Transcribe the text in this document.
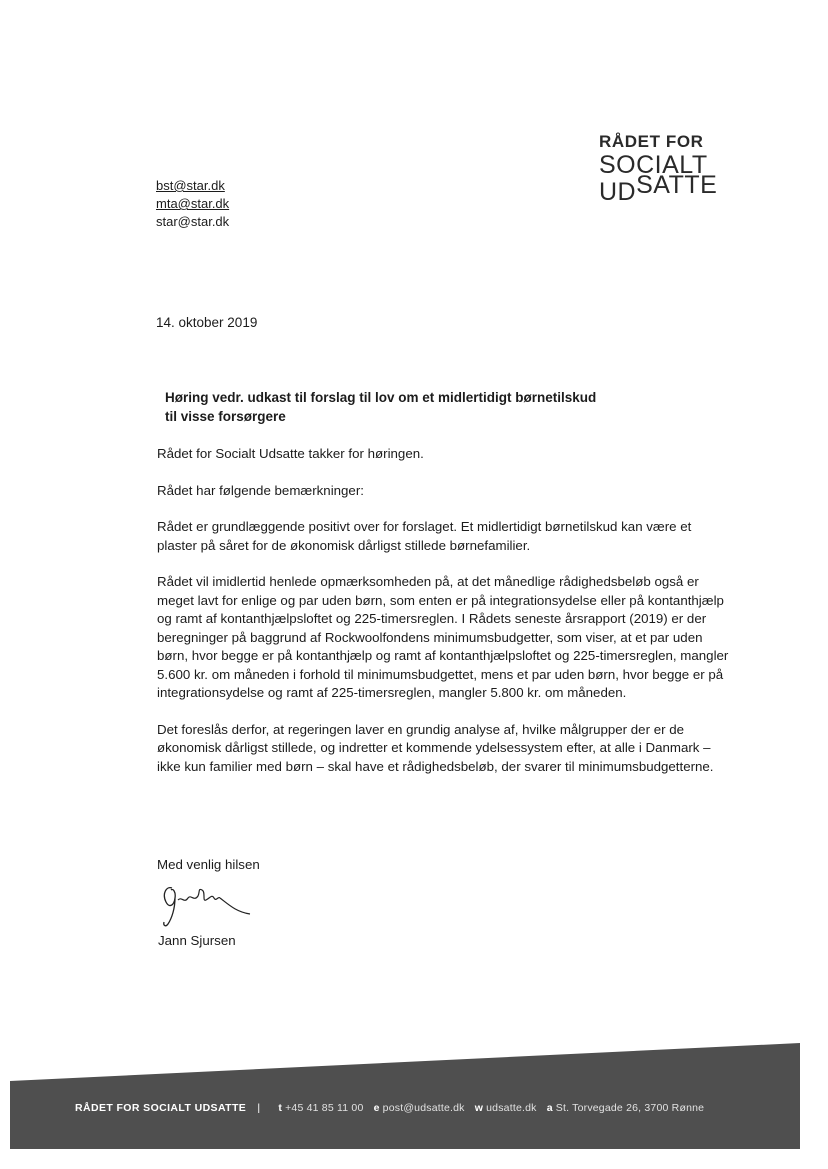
RÅDET FOR
SOCIALT
UDSATTE
bst@star.dk
mta@star.dk
star@star.dk
14. oktober 2019
Høring vedr. udkast til forslag til lov om et midlertidigt børnetilskud
til visse forsørgere

Rådet for Socialt Udsatte takker for høringen.

Rådet har følgende bemærkninger:

Rådet er grundlæggende positivt over for forslaget. Et midlertidigt børnetilskud kan være et plaster på såret for de økonomisk dårligst stillede børnefamilier.

Rådet vil imidlertid henlede opmærksomheden på, at det månedlige rådighedsbeløb også er meget lavt for enlige og par uden børn, som enten er på integrationsydelse eller på kontanthjælp og ramt af kontanthjælpsloftet og 225-timersreglen. I Rådets seneste årsrapport (2019) er der beregninger på baggrund af Rockwoolfondens minimumsbudgetter, som viser, at et par uden børn, hvor begge er på kontanthjælp og ramt af kontanthjælpsloftet og 225-timersreglen, mangler 5.600 kr. om måneden i forhold til minimumsbudgettet, mens et par uden børn, hvor begge er på integrationsydelse og ramt af 225-timersreglen, mangler 5.800 kr. om måneden.

Det foreslås derfor, at regeringen laver en grundig analyse af, hvilke målgrupper der er de økonomisk dårligst stillede, og indretter et kommende ydelsessystem efter, at alle i Danmark – ikke kun familier med børn – skal have et rådighedsbeløb, der svarer til minimumsbudgetterne.

Med venlig hilsen
Jann Sjursen
RÅDET FOR SOCIALT UDSATTE | t +45 41 85 11 00 e post@udsatte.dk w udsatte.dk a St. Torvegade 26, 3700 Rønne
